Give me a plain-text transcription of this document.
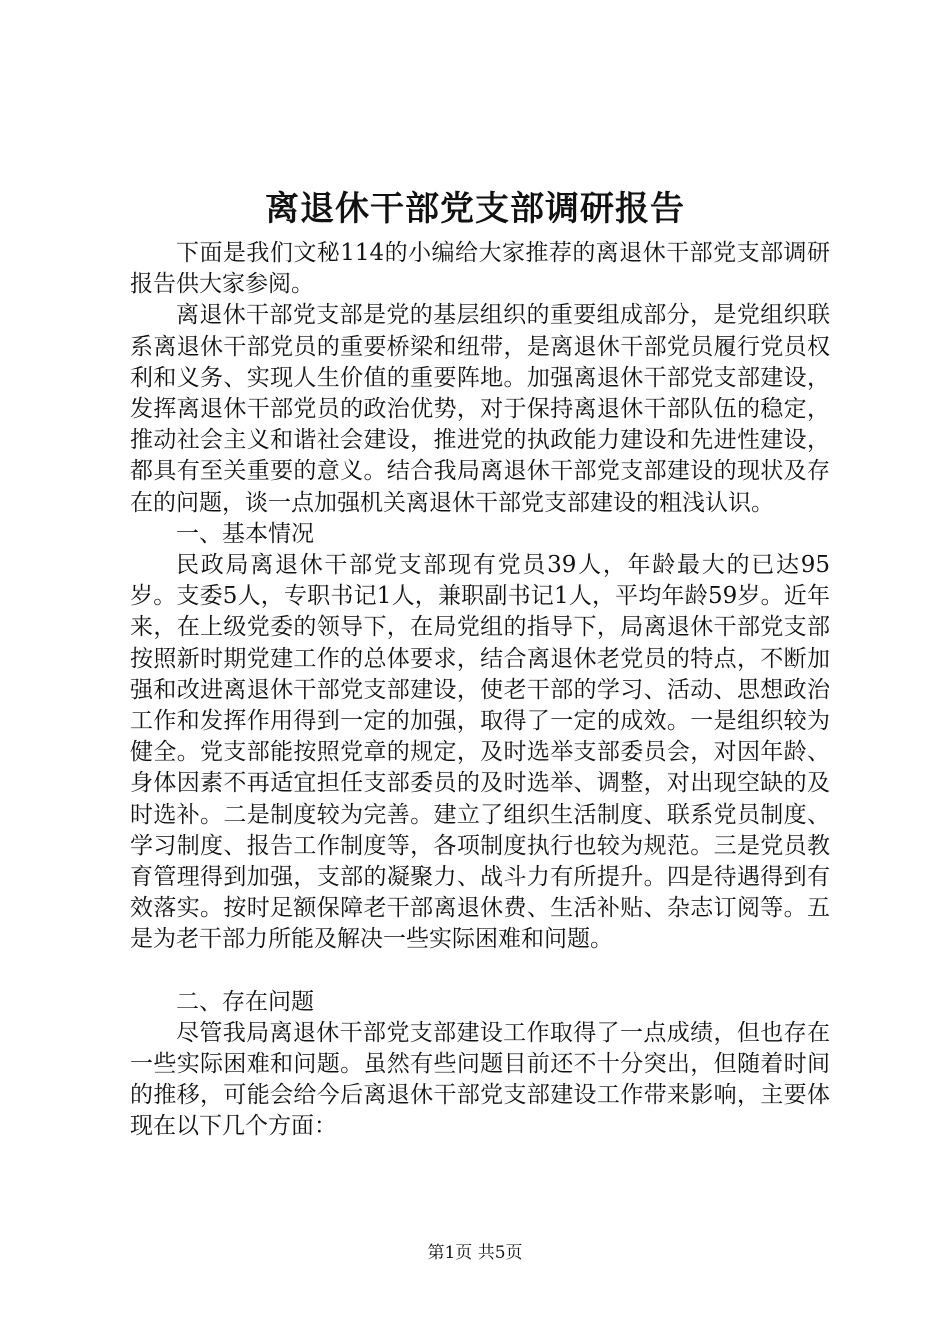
离退休干部党支部调研报告

下面是我们文秘114的小编给大家推荐的离退休干部党支部调研报告供大家参阅。

离退休干部党支部是党的基层组织的重要组成部分，是党组织联系离退休干部党员的重要桥梁和纽带，是离退休干部党员履行党员权利和义务、实现人生价值的重要阵地。加强离退休干部党支部建设，发挥离退休干部党员的政治优势，对于保持离退休干部队伍的稳定，推动社会主义和谐社会建设，推进党的执政能力建设和先进性建设，都具有至关重要的意义。结合我局离退休干部党支部建设的现状及存在的问题，谈一点加强机关离退休干部党支部建设的粗浅认识。

一、基本情况

民政局离退休干部党支部现有党员39人，年龄最大的已达95岁。支委5人，专职书记1人，兼职副书记1人，平均年龄59岁。近年来，在上级党委的领导下，在局党组的指导下，局离退休干部党支部按照新时期党建工作的总体要求，结合离退休老党员的特点，不断加强和改进离退休干部党支部建设，使老干部的学习、活动、思想政治工作和发挥作用得到一定的加强，取得了一定的成效。一是组织较为健全。党支部能按照党章的规定，及时选举支部委员会，对因年龄、身体因素不再适宜担任支部委员的及时选举、调整，对出现空缺的及时选补。二是制度较为完善。建立了组织生活制度、联系党员制度、学习制度、报告工作制度等，各项制度执行也较为规范。三是党员教育管理得到加强，支部的凝聚力、战斗力有所提升。四是待遇得到有效落实。按时足额保障老干部离退休费、生活补贴、杂志订阅等。五是为老干部力所能及解决一些实际困难和问题。

二、存在问题

尽管我局离退休干部党支部建设工作取得了一点成绩，但也存在一些实际困难和问题。虽然有些问题目前还不十分突出，但随着时间的推移，可能会给今后离退休干部党支部建设工作带来影响，主要体现在以下几个方面：

第1页 共5页
